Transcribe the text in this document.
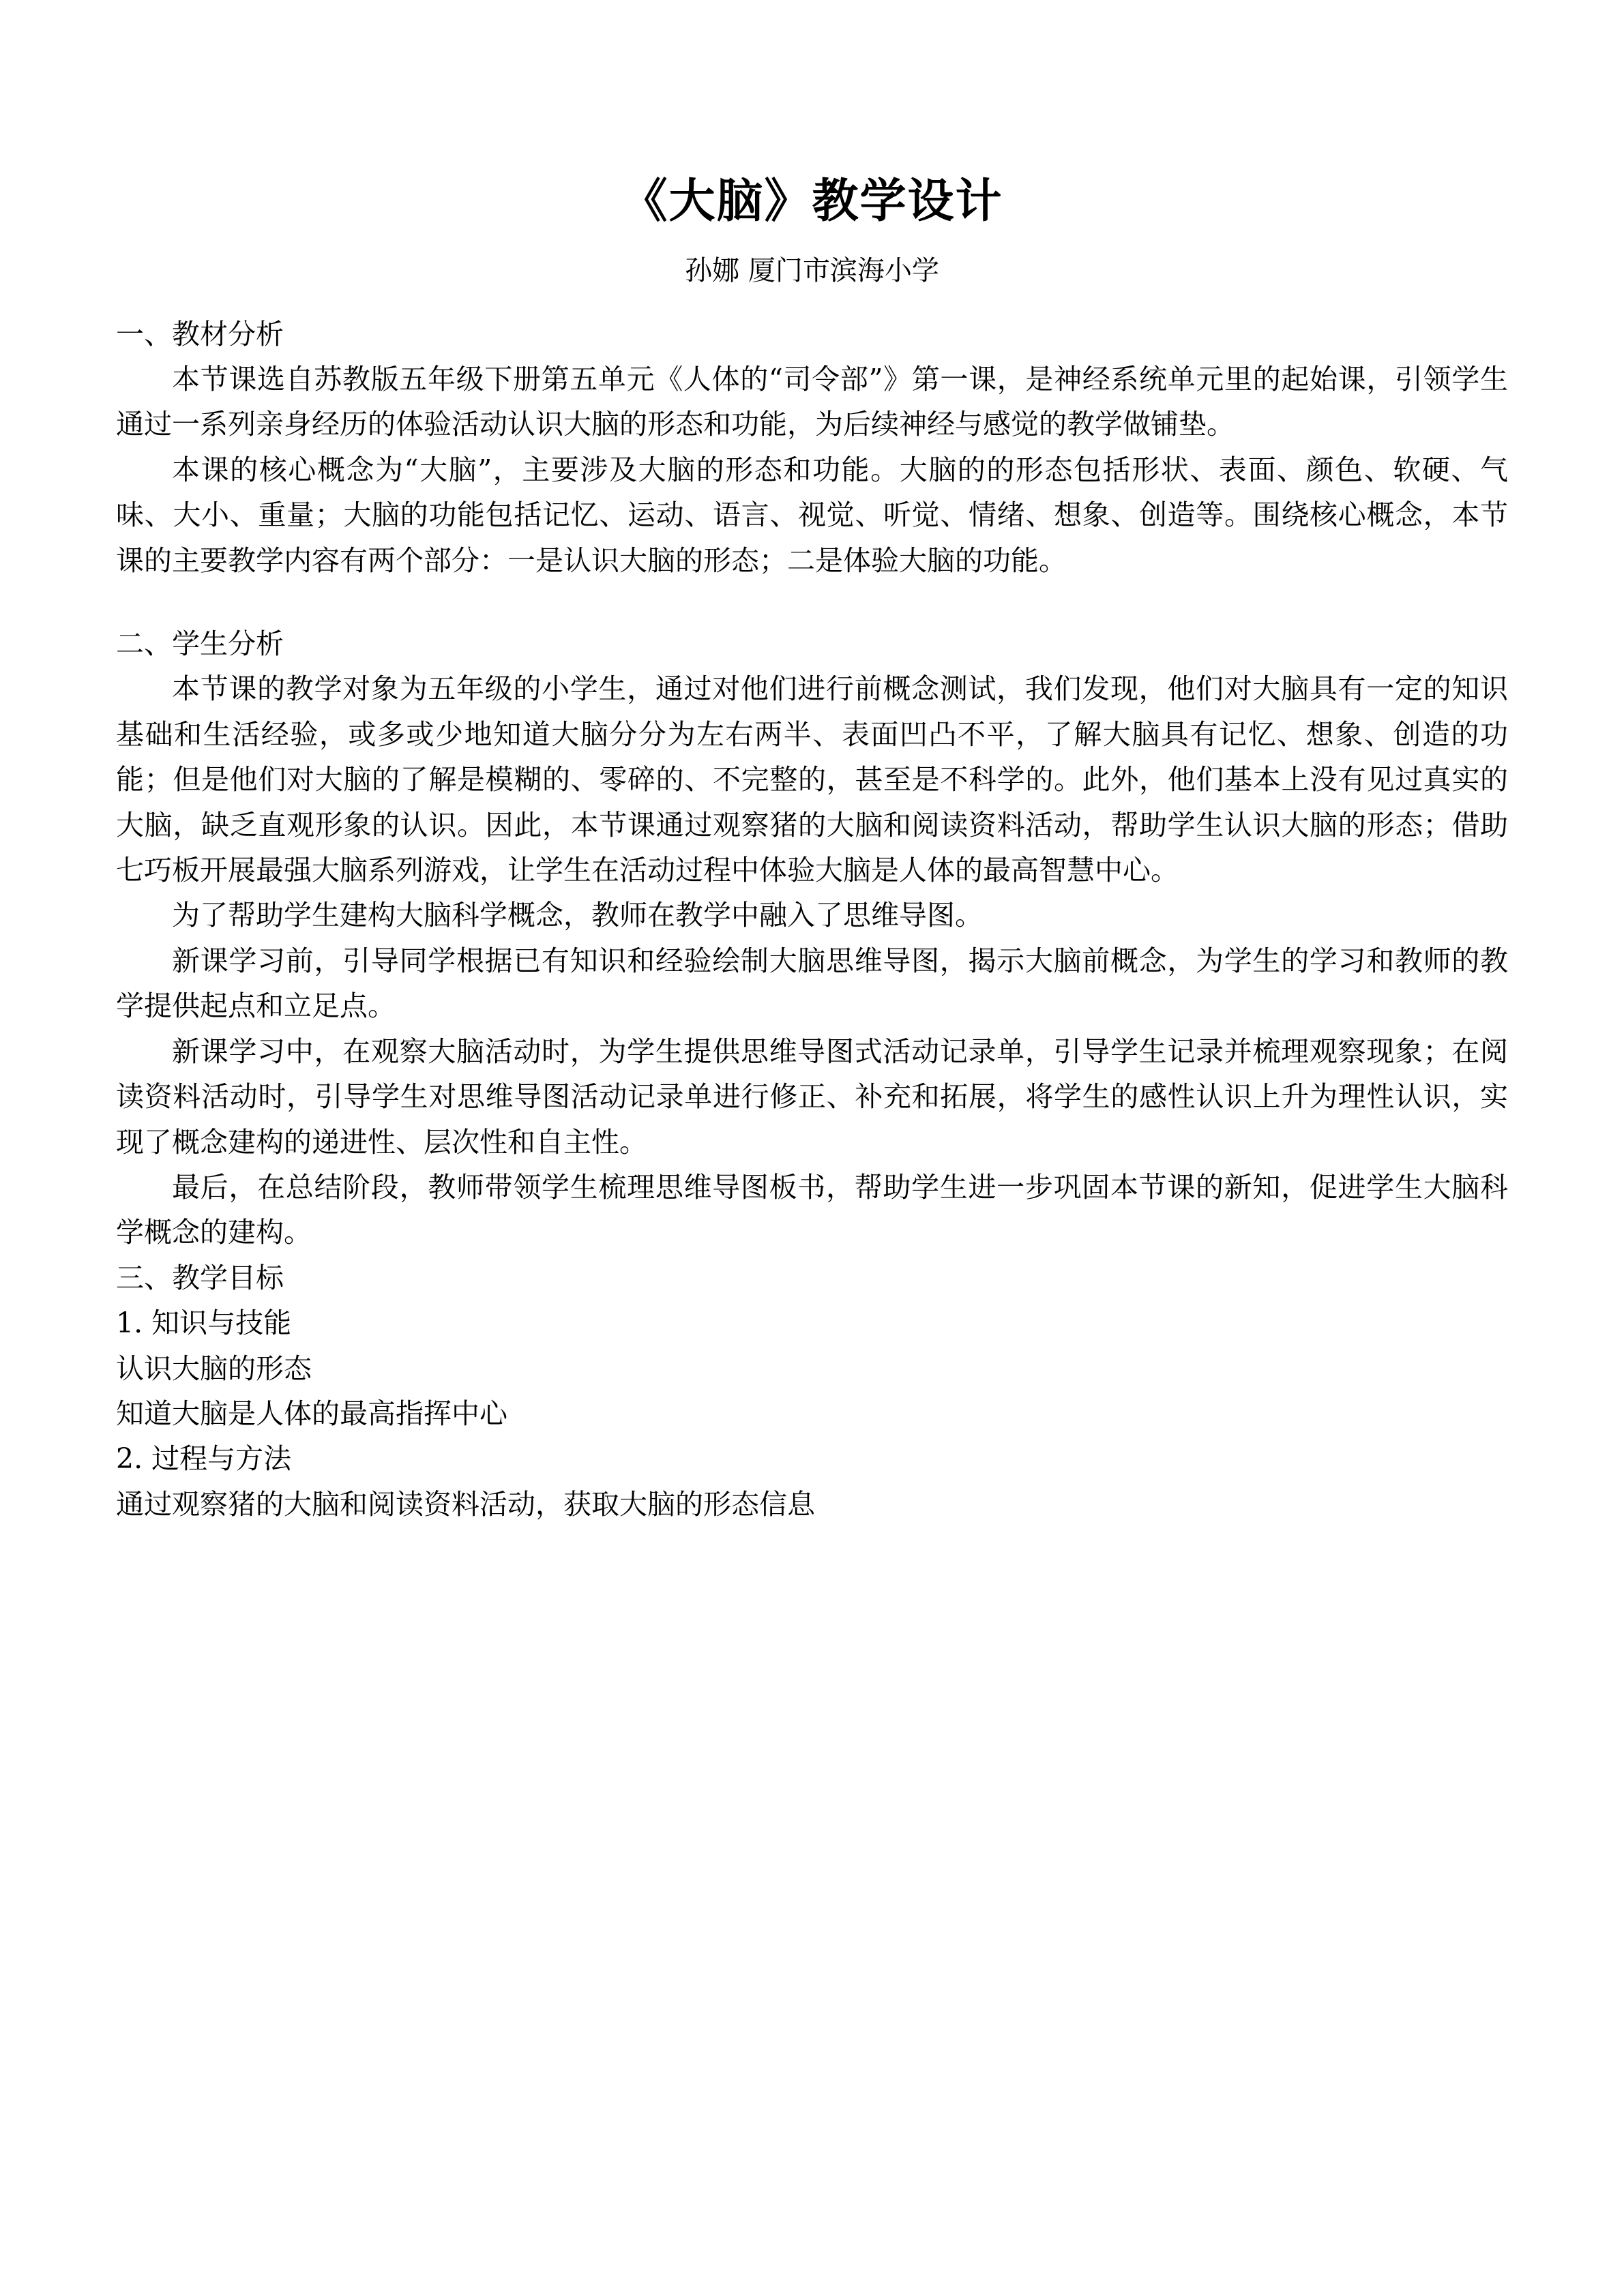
《大脑》教学设计
孙娜 厦门市滨海小学

一、教材分析

本节课选自苏教版五年级下册第五单元《人体的“司令部”》第一课，是神经系统单元里的起始课，引领学生通过一系列亲身经历的体验活动认识大脑的形态和功能，为后续神经与感觉的教学做铺垫。

本课的核心概念为“大脑”，主要涉及大脑的形态和功能。大脑的的形态包括形状、表面、颜色、软硬、气味、大小、重量；大脑的功能包括记忆、运动、语言、视觉、听觉、情绪、想象、创造等。围绕核心概念，本节课的主要教学内容有两个部分：一是认识大脑的形态；二是体验大脑的功能。

二、学生分析

本节课的教学对象为五年级的小学生，通过对他们进行前概念测试，我们发现，他们对大脑具有一定的知识基础和生活经验，或多或少地知道大脑分分为左右两半、表面凹凸不平，了解大脑具有记忆、想象、创造的功能；但是他们对大脑的了解是模糊的、零碎的、不完整的，甚至是不科学的。此外，他们基本上没有见过真实的大脑，缺乏直观形象的认识。因此，本节课通过观察猪的大脑和阅读资料活动，帮助学生认识大脑的形态；借助七巧板开展最强大脑系列游戏，让学生在活动过程中体验大脑是人体的最高智慧中心。

为了帮助学生建构大脑科学概念，教师在教学中融入了思维导图。

新课学习前，引导同学根据已有知识和经验绘制大脑思维导图，揭示大脑前概念，为学生的学习和教师的教学提供起点和立足点。

新课学习中，在观察大脑活动时，为学生提供思维导图式活动记录单，引导学生记录并梳理观察现象；在阅读资料活动时，引导学生对思维导图活动记录单进行修正、补充和拓展，将学生的感性认识上升为理性认识，实现了概念建构的递进性、层次性和自主性。

最后，在总结阶段，教师带领学生梳理思维导图板书，帮助学生进一步巩固本节课的新知，促进学生大脑科学概念的建构。

三、教学目标

1. 知识与技能

认识大脑的形态

知道大脑是人体的最高指挥中心

2. 过程与方法

通过观察猪的大脑和阅读资料活动，获取大脑的形态信息
